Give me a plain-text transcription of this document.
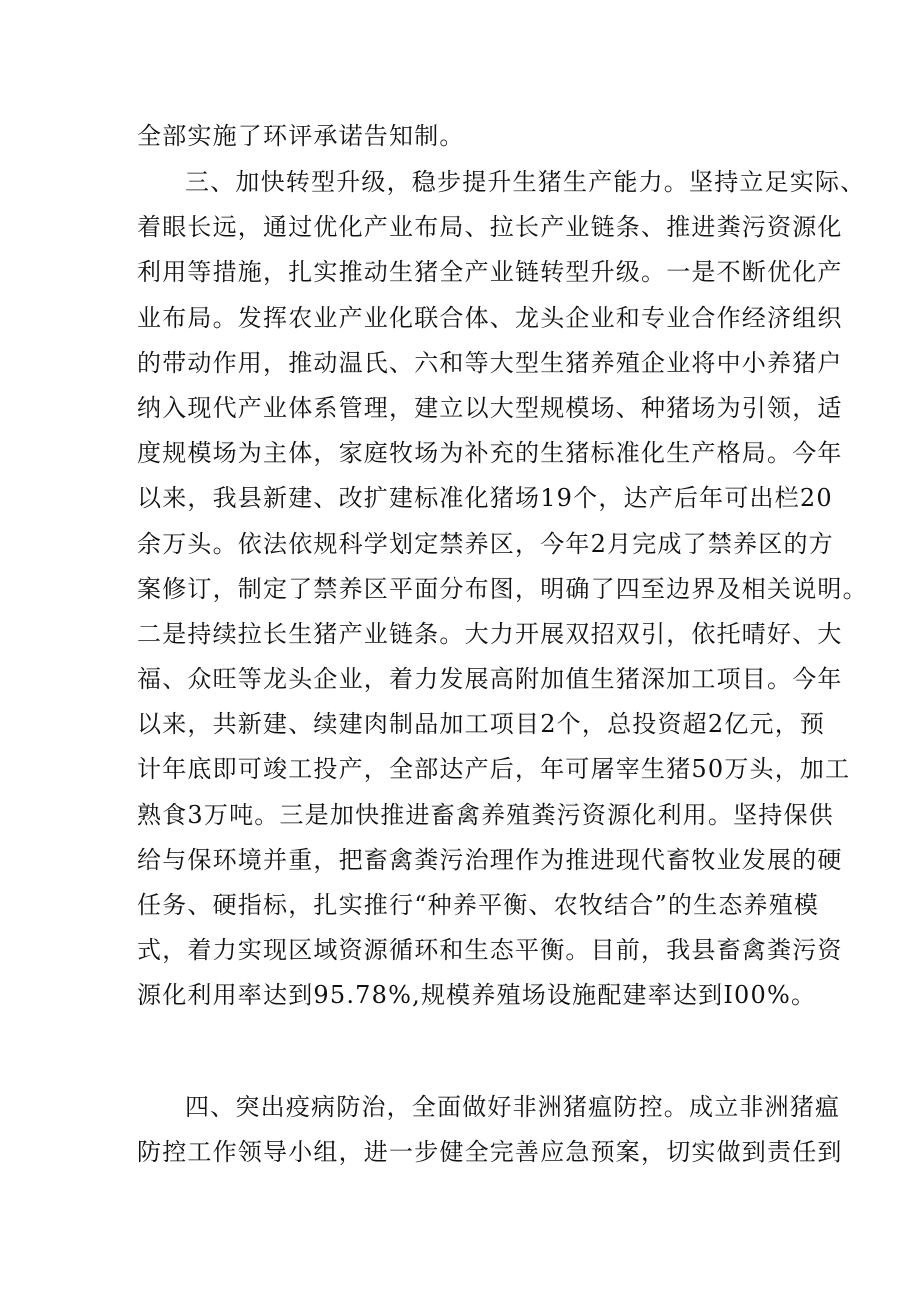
全部实施了环评承诺告知制。
三、加快转型升级，稳步提升生猪生产能力。坚持立足实际、
着眼长远，通过优化产业布局、拉长产业链条、推进粪污资源化
利用等措施，扎实推动生猪全产业链转型升级。一是不断优化产
业布局。发挥农业产业化联合体、龙头企业和专业合作经济组织
的带动作用，推动温氏、六和等大型生猪养殖企业将中小养猪户
纳入现代产业体系管理，建立以大型规模场、种猪场为引领，适
度规模场为主体，家庭牧场为补充的生猪标准化生产格局。今年
以来，我县新建、改扩建标准化猪场19个，达产后年可出栏20
余万头。依法依规科学划定禁养区，今年2月完成了禁养区的方
案修订，制定了禁养区平面分布图，明确了四至边界及相关说明。
二是持续拉长生猪产业链条。大力开展双招双引，依托晴好、大
福、众旺等龙头企业，着力发展高附加值生猪深加工项目。今年
以来，共新建、续建肉制品加工项目2个，总投资超2亿元，预
计年底即可竣工投产，全部达产后，年可屠宰生猪50万头，加工
熟食3万吨。三是加快推进畜禽养殖粪污资源化利用。坚持保供
给与保环境并重，把畜禽粪污治理作为推进现代畜牧业发展的硬
任务、硬指标，扎实推行“种养平衡、农牧结合”的生态养殖模
式，着力实现区域资源循环和生态平衡。目前，我县畜禽粪污资
源化利用率达到95.78%,规模养殖场设施配建率达到I00%。
四、突出疫病防治，全面做好非洲猪瘟防控。成立非洲猪瘟
防控工作领导小组，进一步健全完善应急预案，切实做到责任到
